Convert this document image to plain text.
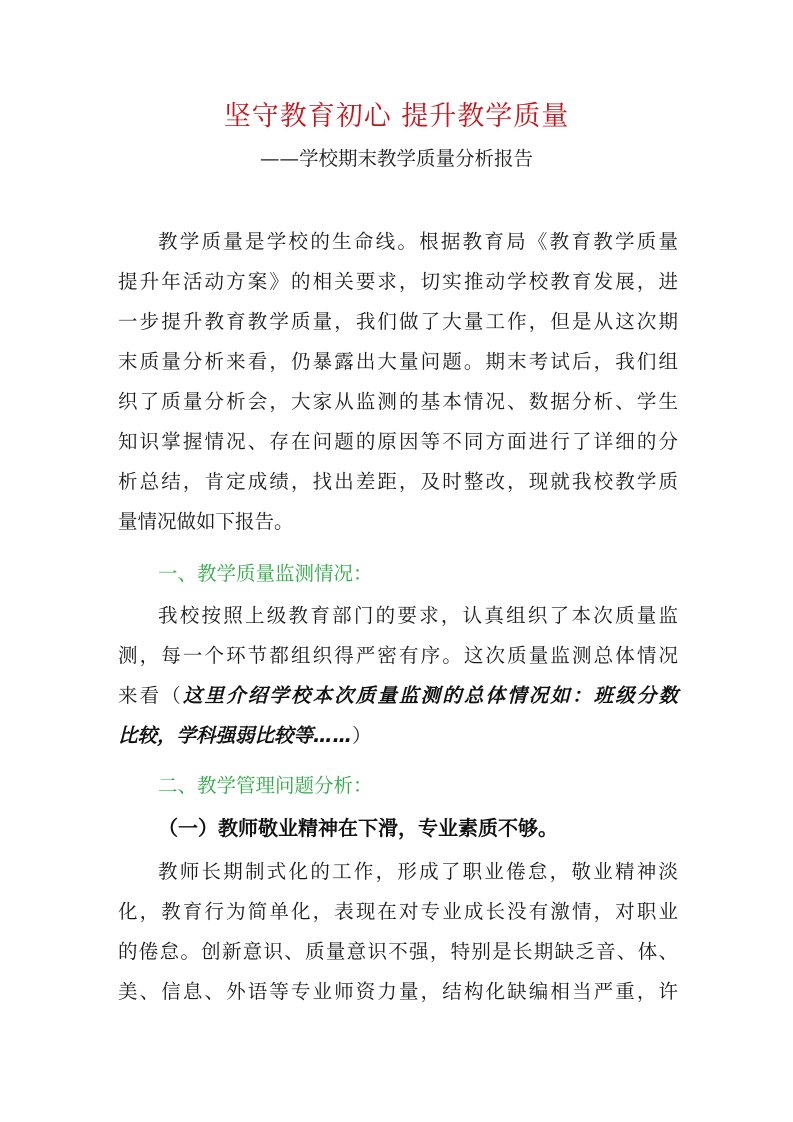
坚守教育初心 提升教学质量
——学校期末教学质量分析报告
教学质量是学校的生命线。根据教育局《教育教学质量
提升年活动方案》的相关要求，切实推动学校教育发展，进
一步提升教育教学质量，我们做了大量工作，但是从这次期
末质量分析来看，仍暴露出大量问题。期末考试后，我们组
织了质量分析会，大家从监测的基本情况、数据分析、学生
知识掌握情况、存在问题的原因等不同方面进行了详细的分
析总结，肯定成绩，找出差距，及时整改，现就我校教学质
量情况做如下报告。
一、教学质量监测情况：
我校按照上级教育部门的要求，认真组织了本次质量监
测，每一个环节都组织得严密有序。这次质量监测总体情况
来看（这里介绍学校本次质量监测的总体情况如：班级分数
比较，学科强弱比较等……）
二、教学管理问题分析：
（一）教师敬业精神在下滑，专业素质不够。
教师长期制式化的工作，形成了职业倦怠，敬业精神淡
化，教育行为简单化，表现在对专业成长没有激情，对职业
的倦怠。创新意识、质量意识不强，特别是长期缺乏音、体、
美、信息、外语等专业师资力量，结构化缺编相当严重，许
